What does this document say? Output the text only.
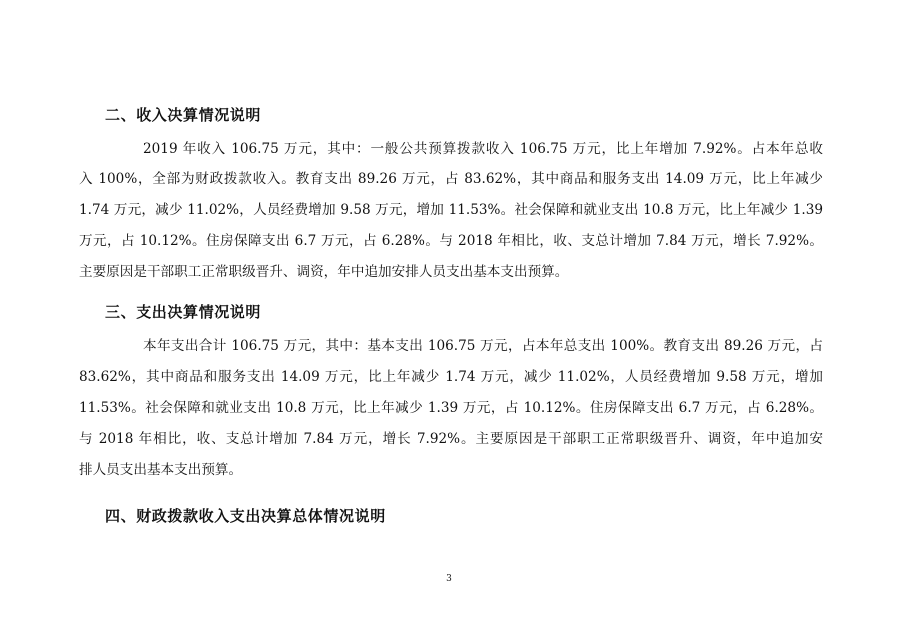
二、收入决算情况说明
2019 年收入 106.75 万元，其中：一般公共预算拨款收入 106.75 万元，比上年增加 7.92%。占本年总收
入 100%，全部为财政拨款收入。教育支出 89.26 万元，占 83.62%，其中商品和服务支出 14.09 万元，比上年减少
1.74 万元，减少 11.02%，人员经费增加 9.58 万元，增加 11.53%。社会保障和就业支出 10.8 万元，比上年减少 1.39
万元，占 10.12%。住房保障支出 6.7 万元，占 6.28%。与 2018 年相比，收、支总计增加 7.84 万元，增长 7.92%。
主要原因是干部职工正常职级晋升、调资，年中追加安排人员支出基本支出预算。
三、支出决算情况说明
本年支出合计 106.75 万元，其中：基本支出 106.75 万元，占本年总支出 100%。教育支出 89.26 万元，占
83.62%，其中商品和服务支出 14.09 万元，比上年减少 1.74 万元，减少 11.02%，人员经费增加 9.58 万元，增加
11.53%。社会保障和就业支出 10.8 万元，比上年减少 1.39 万元，占 10.12%。住房保障支出 6.7 万元，占 6.28%。
与 2018 年相比，收、支总计增加 7.84 万元，增长 7.92%。主要原因是干部职工正常职级晋升、调资，年中追加安
排人员支出基本支出预算。
四、财政拨款收入支出决算总体情况说明
3
